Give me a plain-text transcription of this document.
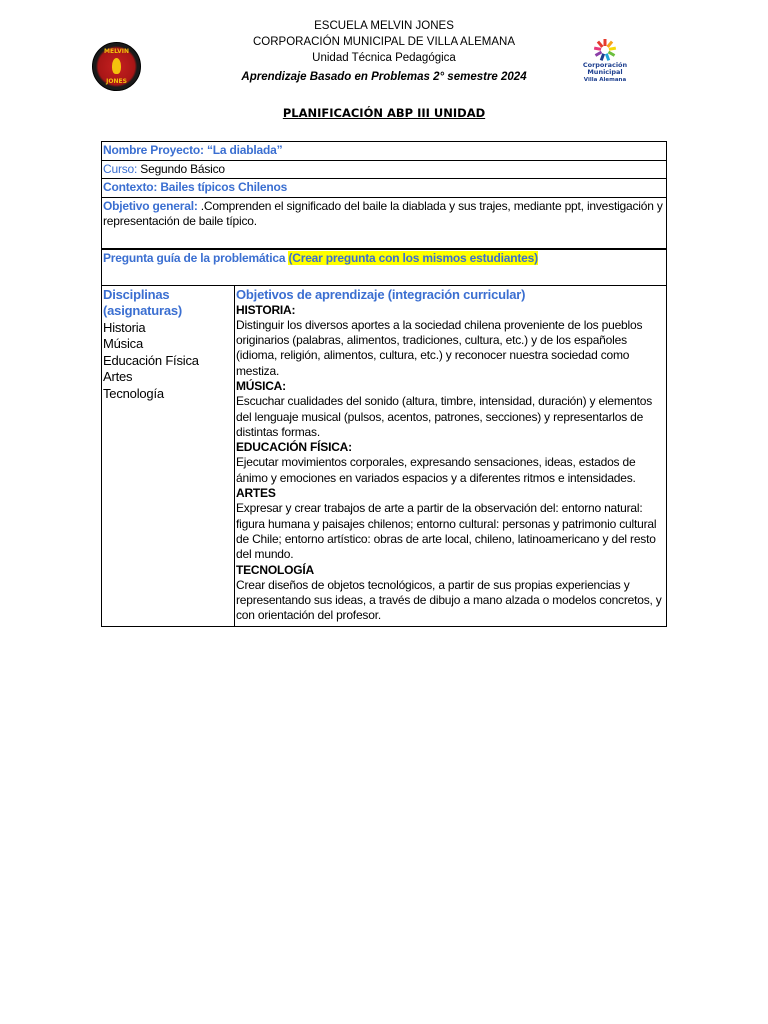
MELVIN
JONES
ESCUELA MELVIN JONES
CORPORACIÓN MUNICIPAL DE VILLA ALEMANA
Unidad Técnica Pedagógica
Aprendizaje Basado en Problemas 2° semestre 2024
Corporación
Municipal
Villa Alemana
PLANIFICACIÓN ABP III UNIDAD
Nombre Proyecto: “La diablada”
Curso: Segundo Básico
Contexto: Bailes típicos Chilenos
Objetivo general: .Comprenden el significado del baile la diablada y sus trajes, mediante ppt, investigación y representación de baile típico.
Pregunta guía de la problemática (Crear pregunta con los mismos estudiantes)

Disciplinas (asignaturas)
Historia
Música
Educación Física
Artes
Tecnología

Objetivos de aprendizaje (integración curricular)
HISTORIA:
Distinguir los diversos aportes a la sociedad chilena proveniente de los pueblos originarios (palabras, alimentos, tradiciones, cultura, etc.) y de los españoles (idioma, religión, alimentos, cultura, etc.) y reconocer nuestra sociedad como mestiza.
MÚSICA:
Escuchar cualidades del sonido (altura, timbre, intensidad, duración) y elementos del lenguaje musical (pulsos, acentos, patrones, secciones) y representarlos de distintas formas.
EDUCACIÓN FÍSICA:
Ejecutar movimientos corporales, expresando sensaciones, ideas, estados de ánimo y emociones en variados espacios y a diferentes ritmos e intensidades.
ARTES
Expresar y crear trabajos de arte a partir de la observación del: entorno natural: figura humana y paisajes chilenos; entorno cultural: personas y patrimonio cultural de Chile; entorno artístico: obras de arte local, chileno, latinoamericano y del resto del mundo.
TECNOLOGÍA
Crear diseños de objetos tecnológicos, a partir de sus propias experiencias y representando sus ideas, a través de dibujo a mano alzada o modelos concretos, y con orientación del profesor.
